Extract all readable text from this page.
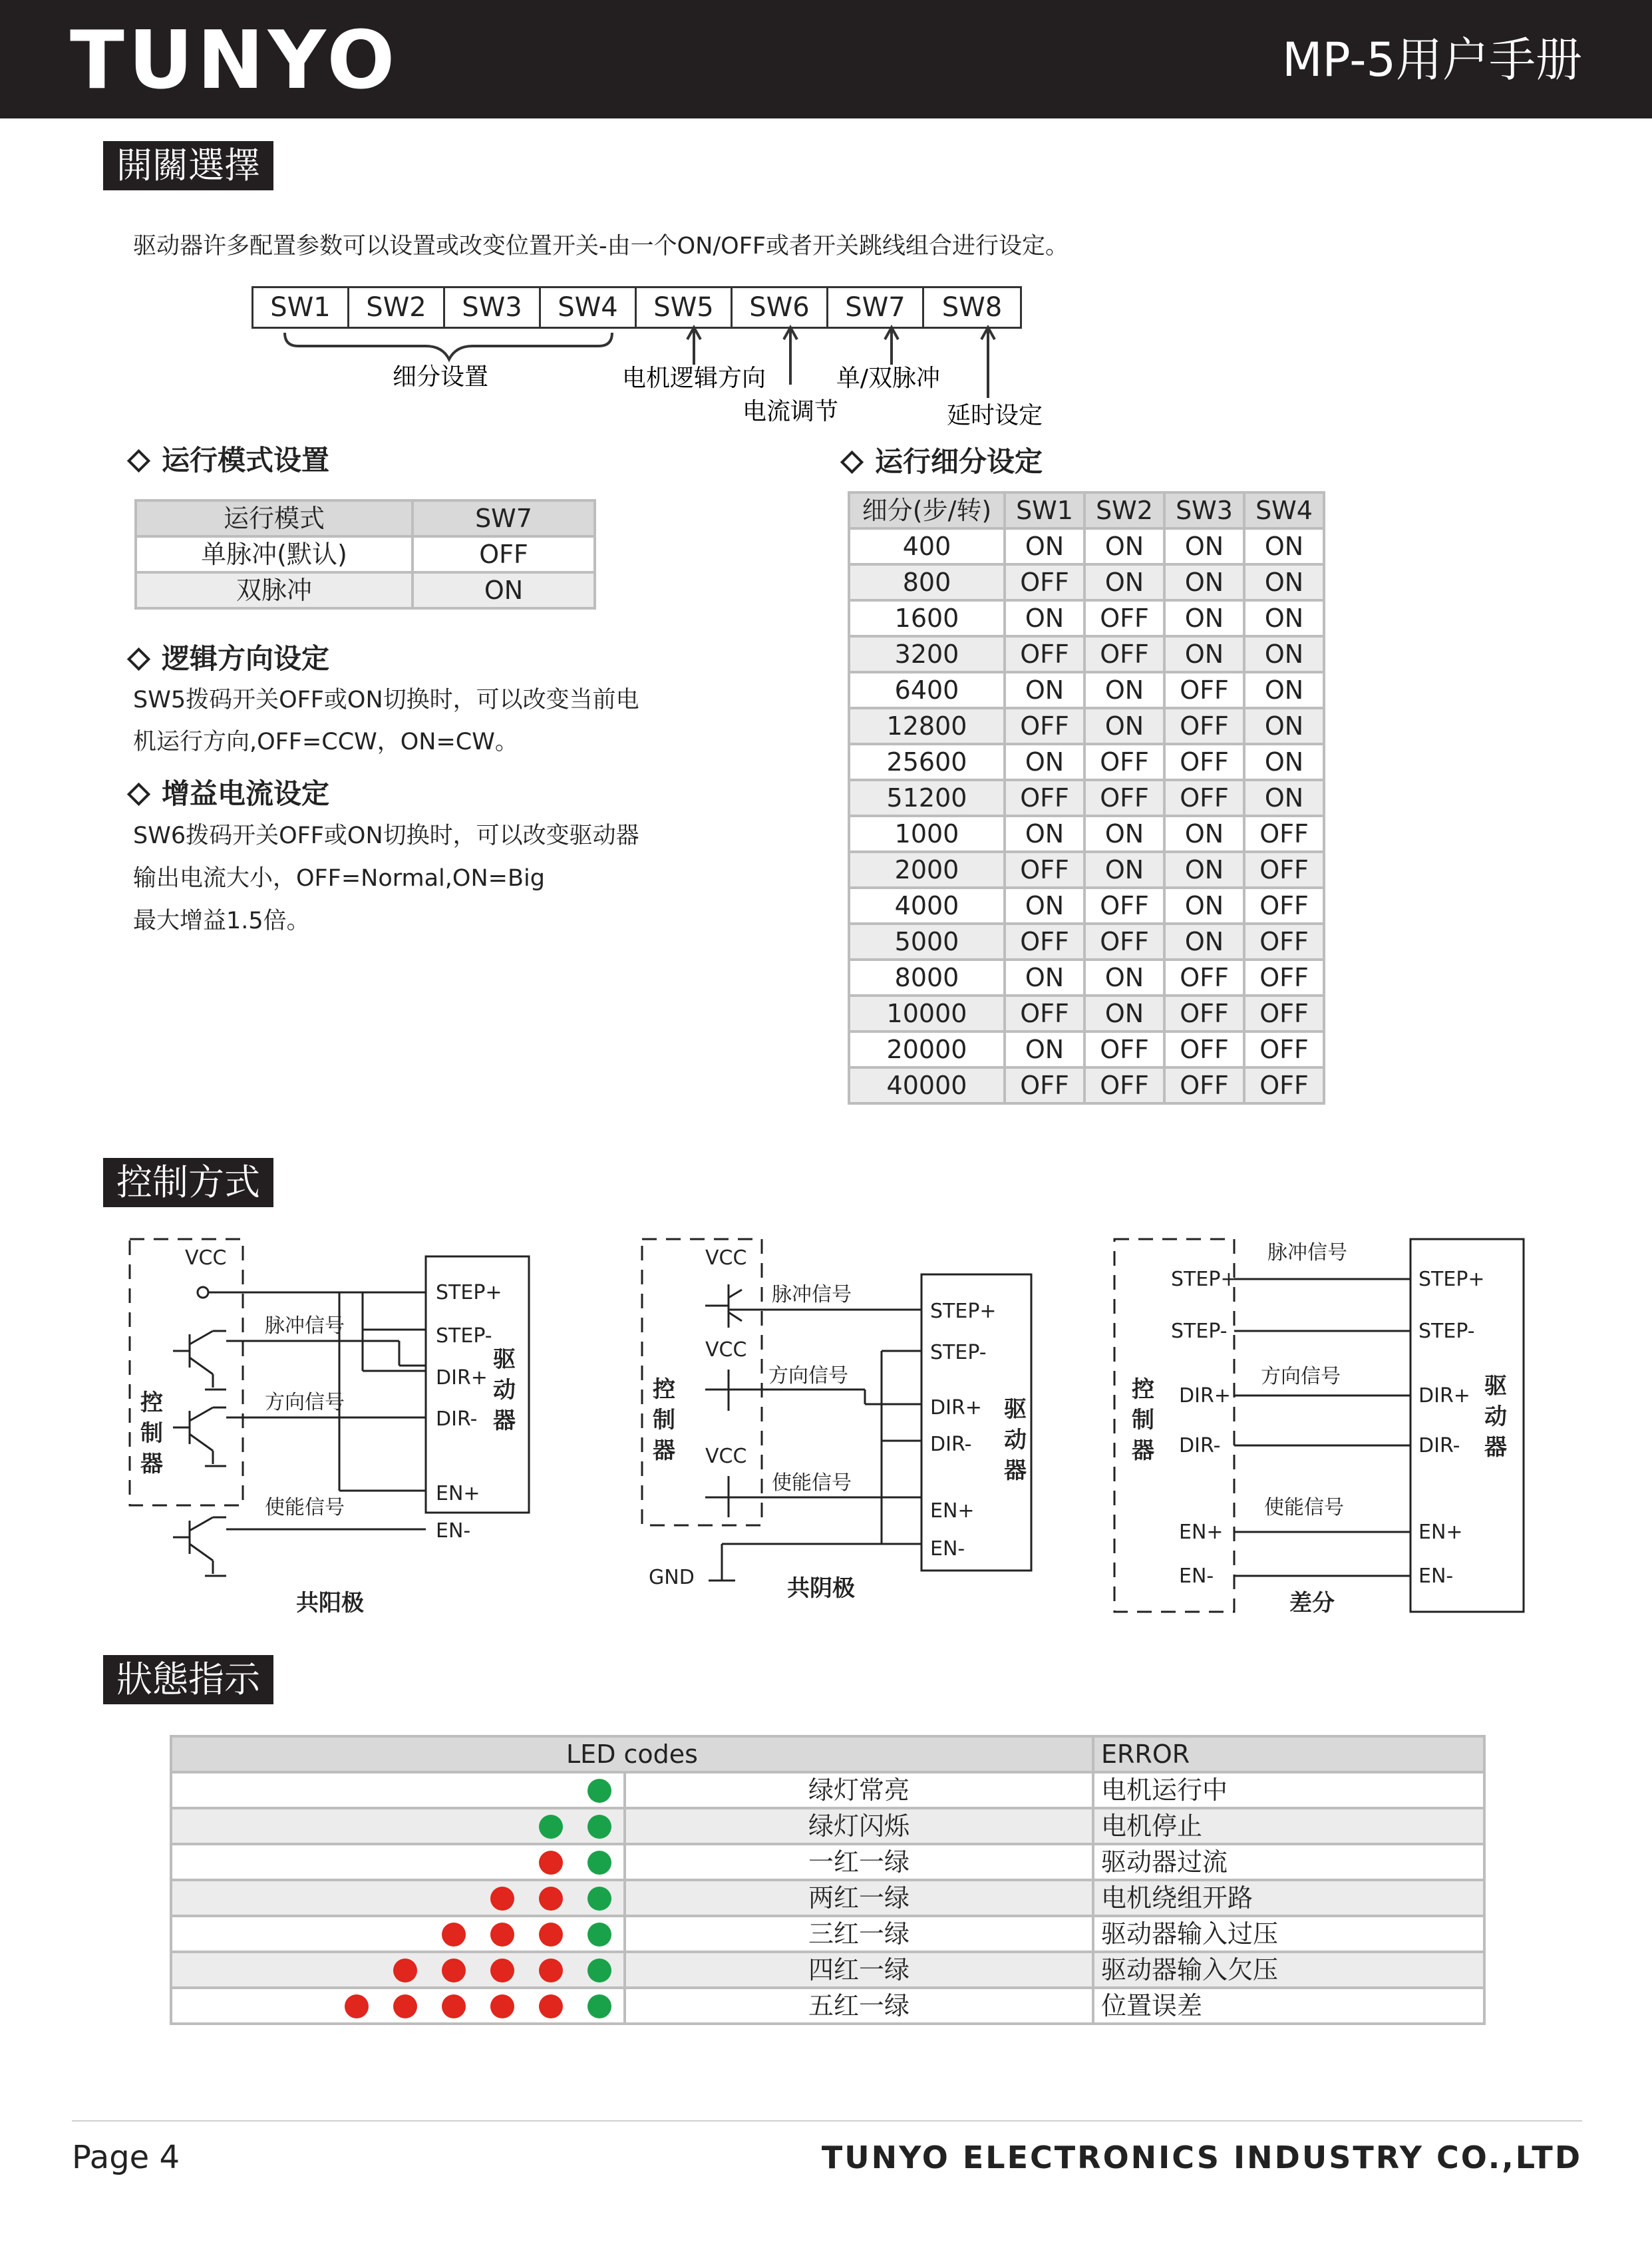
TUNYO	MP-5用户手册
開關選擇
驱动器许多配置参数可以设置或改变位置开关-由一个ON/OFF或者开关跳线组合进行设定。
SW1	SW2	SW3	SW4	SW5	SW6	SW7	SW8
细分设置	电机逻辑方向
电流调节
单/双脉冲
延时设定
运行模式设置
运行模式	SW7
单脉冲(默认)	OFF
双脉冲	ON
逻辑方向设定
SW5拨码开关OFF或ON切换时，可以改变当前电
机运行方向,OFF=CCW，ON=CW。
增益电流设定
SW6拨码开关OFF或ON切换时，可以改变驱动器
输出电流大小，OFF=Normal,ON=Big
最大增益1.5倍。
运行细分设定
细分(步/转)	SW1	SW2	SW3	SW4
400	ON	ON	ON	ON
800	OFF	ON	ON	ON
1600	ON	OFF	ON	ON
3200	OFF	OFF	ON	ON
6400	ON	ON	OFF	ON
12800	OFF	ON	OFF	ON
25600	ON	OFF	OFF	ON
51200	OFF	OFF	OFF	ON
1000	ON	ON	ON	OFF
2000	OFF	ON	ON	OFF
4000	ON	OFF	ON	OFF
5000	OFF	OFF	ON	OFF
8000	ON	ON	OFF	OFF
10000	OFF	ON	OFF	OFF
20000	ON	OFF	OFF	OFF
40000	OFF	OFF	OFF	OFF
控制方式
VCC
STEP+
STEP-
DIR+
DIR-
EN+
EN-
脉冲信号
方向信号
使能信号
共阳极
VCC
VCC
VCC
GND
脉冲信号
方向信号
使能信号
STEP+
STEP-
DIR+
DIR-
EN+
EN-
共阴极
STEP+
STEP-
DIR+
DIR-
EN+
EN-
脉冲信号
方向信号
使能信号
STEP+
STEP-
DIR+
DIR-
EN+
EN-
差分
控制器
驱动器
控制器
驱动器
控制器
驱动器
狀態指示
LED codes		ERROR

	绿灯常亮	电机运行中

	绿灯闪烁	电机停止

	一红一绿	驱动器过流

	两红一绿	电机绕组开路

	三红一绿	驱动器输入过压

	四红一绿	驱动器输入欠压

	五红一绿	位置误差
Page 4	TUNYO ELECTRONICS INDUSTRY CO.,LTD
